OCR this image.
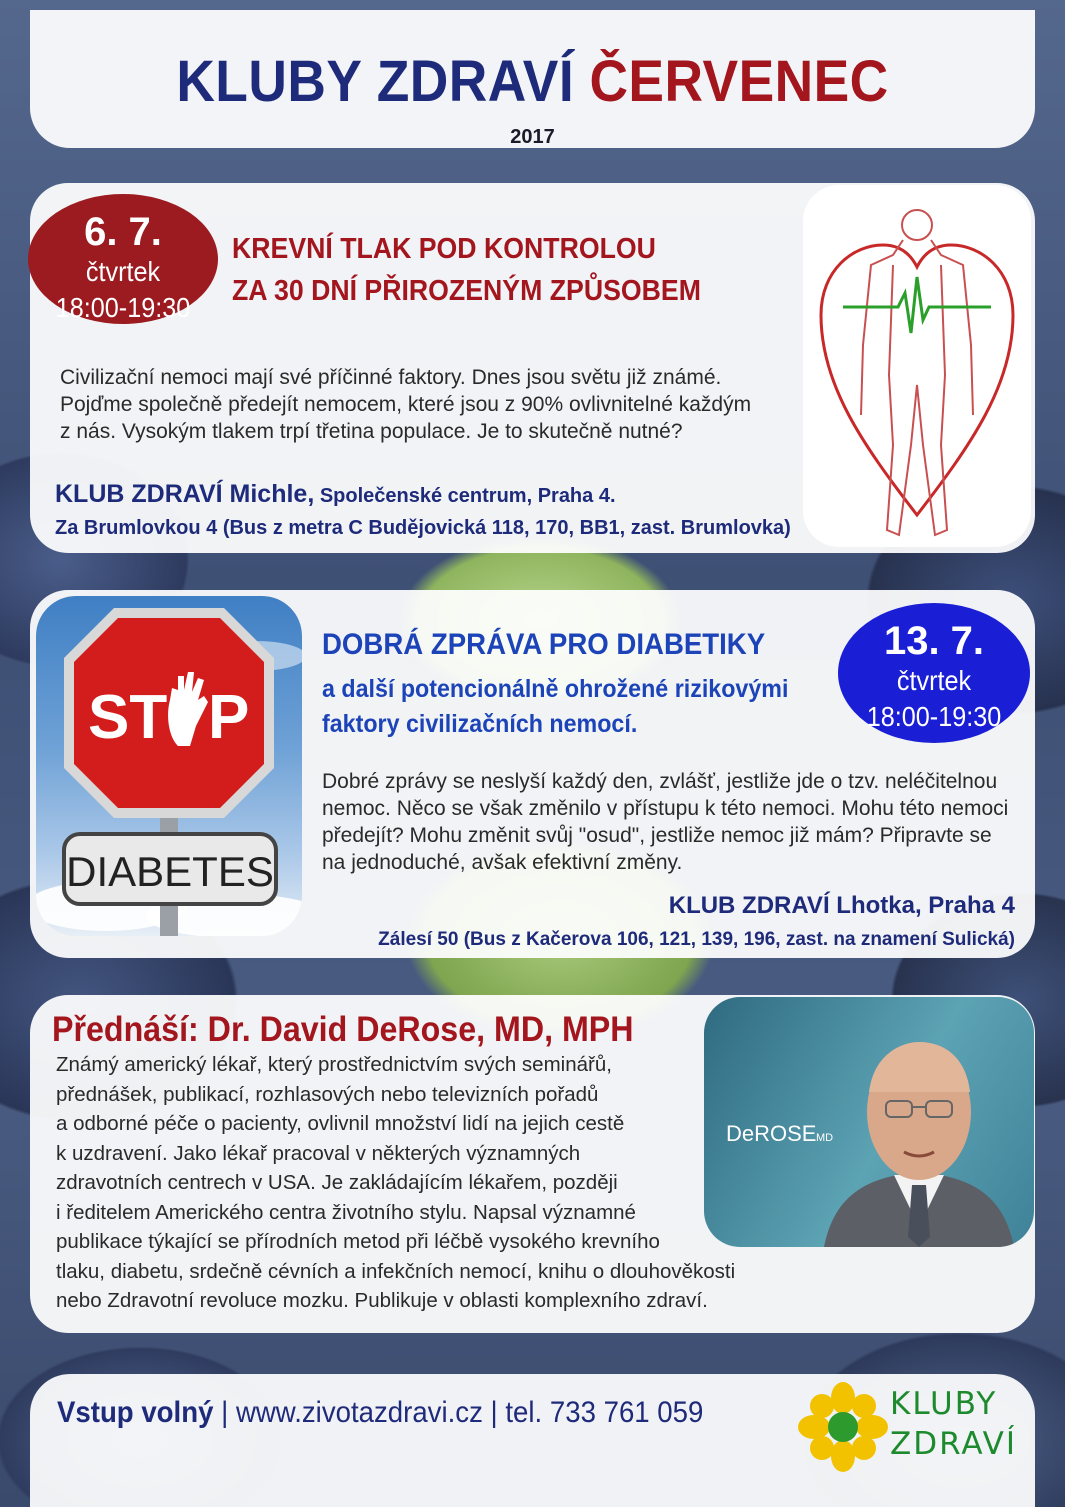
KLUBY ZDRAVÍ ČERVENEC
2017
6. 7.
čtvrtek
18:00-19:30
KREVNÍ TLAK POD KONTROLOU
ZA 30 DNÍ PŘIROZENÝM ZPŮSOBEM
Civilizační nemoci mají své příčinné faktory. Dnes jsou světu již známé.
Pojďme společně předejít nemocem, které jsou z 90% ovlivnitelné každým
z nás. Vysokým tlakem trpí třetina populace. Je to skutečně nutné?
KLUB ZDRAVÍ Michle, Společenské centrum, Praha 4.
Za Brumlovkou 4 (Bus z metra C Budějovická 118, 170, BB1, zast. Brumlovka)
ST P
DIABETES
DOBRÁ ZPRÁVA PRO DIABETIKY
a další potencionálně ohrožené rizikovými
faktory civilizačních nemocí.
13. 7.
čtvrtek
18:00-19:30
Dobré zprávy se neslyší každý den, zvlášť, jestliže jde o tzv. neléčitelnou
nemoc. Něco se však změnilo v přístupu k této nemoci. Mohu této nemoci
předejít? Mohu změnit svůj "osud", jestliže nemoc již mám? Připravte se
na jednoduché, avšak efektivní změny.
KLUB ZDRAVÍ Lhotka, Praha 4
Zálesí 50 (Bus z Kačerova 106, 121, 139, 196, zast. na znamení Sulická)
Přednáší: Dr. David DeRose, MD, MPH
Známý americký lékař, který prostřednictvím svých seminářů,
přednášek, publikací, rozhlasových nebo televizních pořadů
a odborné péče o pacienty, ovlivnil množství lidí na jejich cestě
k uzdravení. Jako lékař pracoval v některých významných
zdravotních centrech v USA. Je zakládajícím lékařem, později
i ředitelem Amerického centra životního stylu. Napsal významné
publikace týkající se přírodních metod při léčbě vysokého krevního
tlaku, diabetu, srdečně cévních a infekčních nemocí, knihu o dlouhověkosti
nebo Zdravotní revoluce mozku. Publikuje v oblasti komplexního zdraví.
DeROSE MD
Vstup volný | www.zivotazdravi.cz | tel. 733 761 059	KLUBY
ZDRAVÍ
